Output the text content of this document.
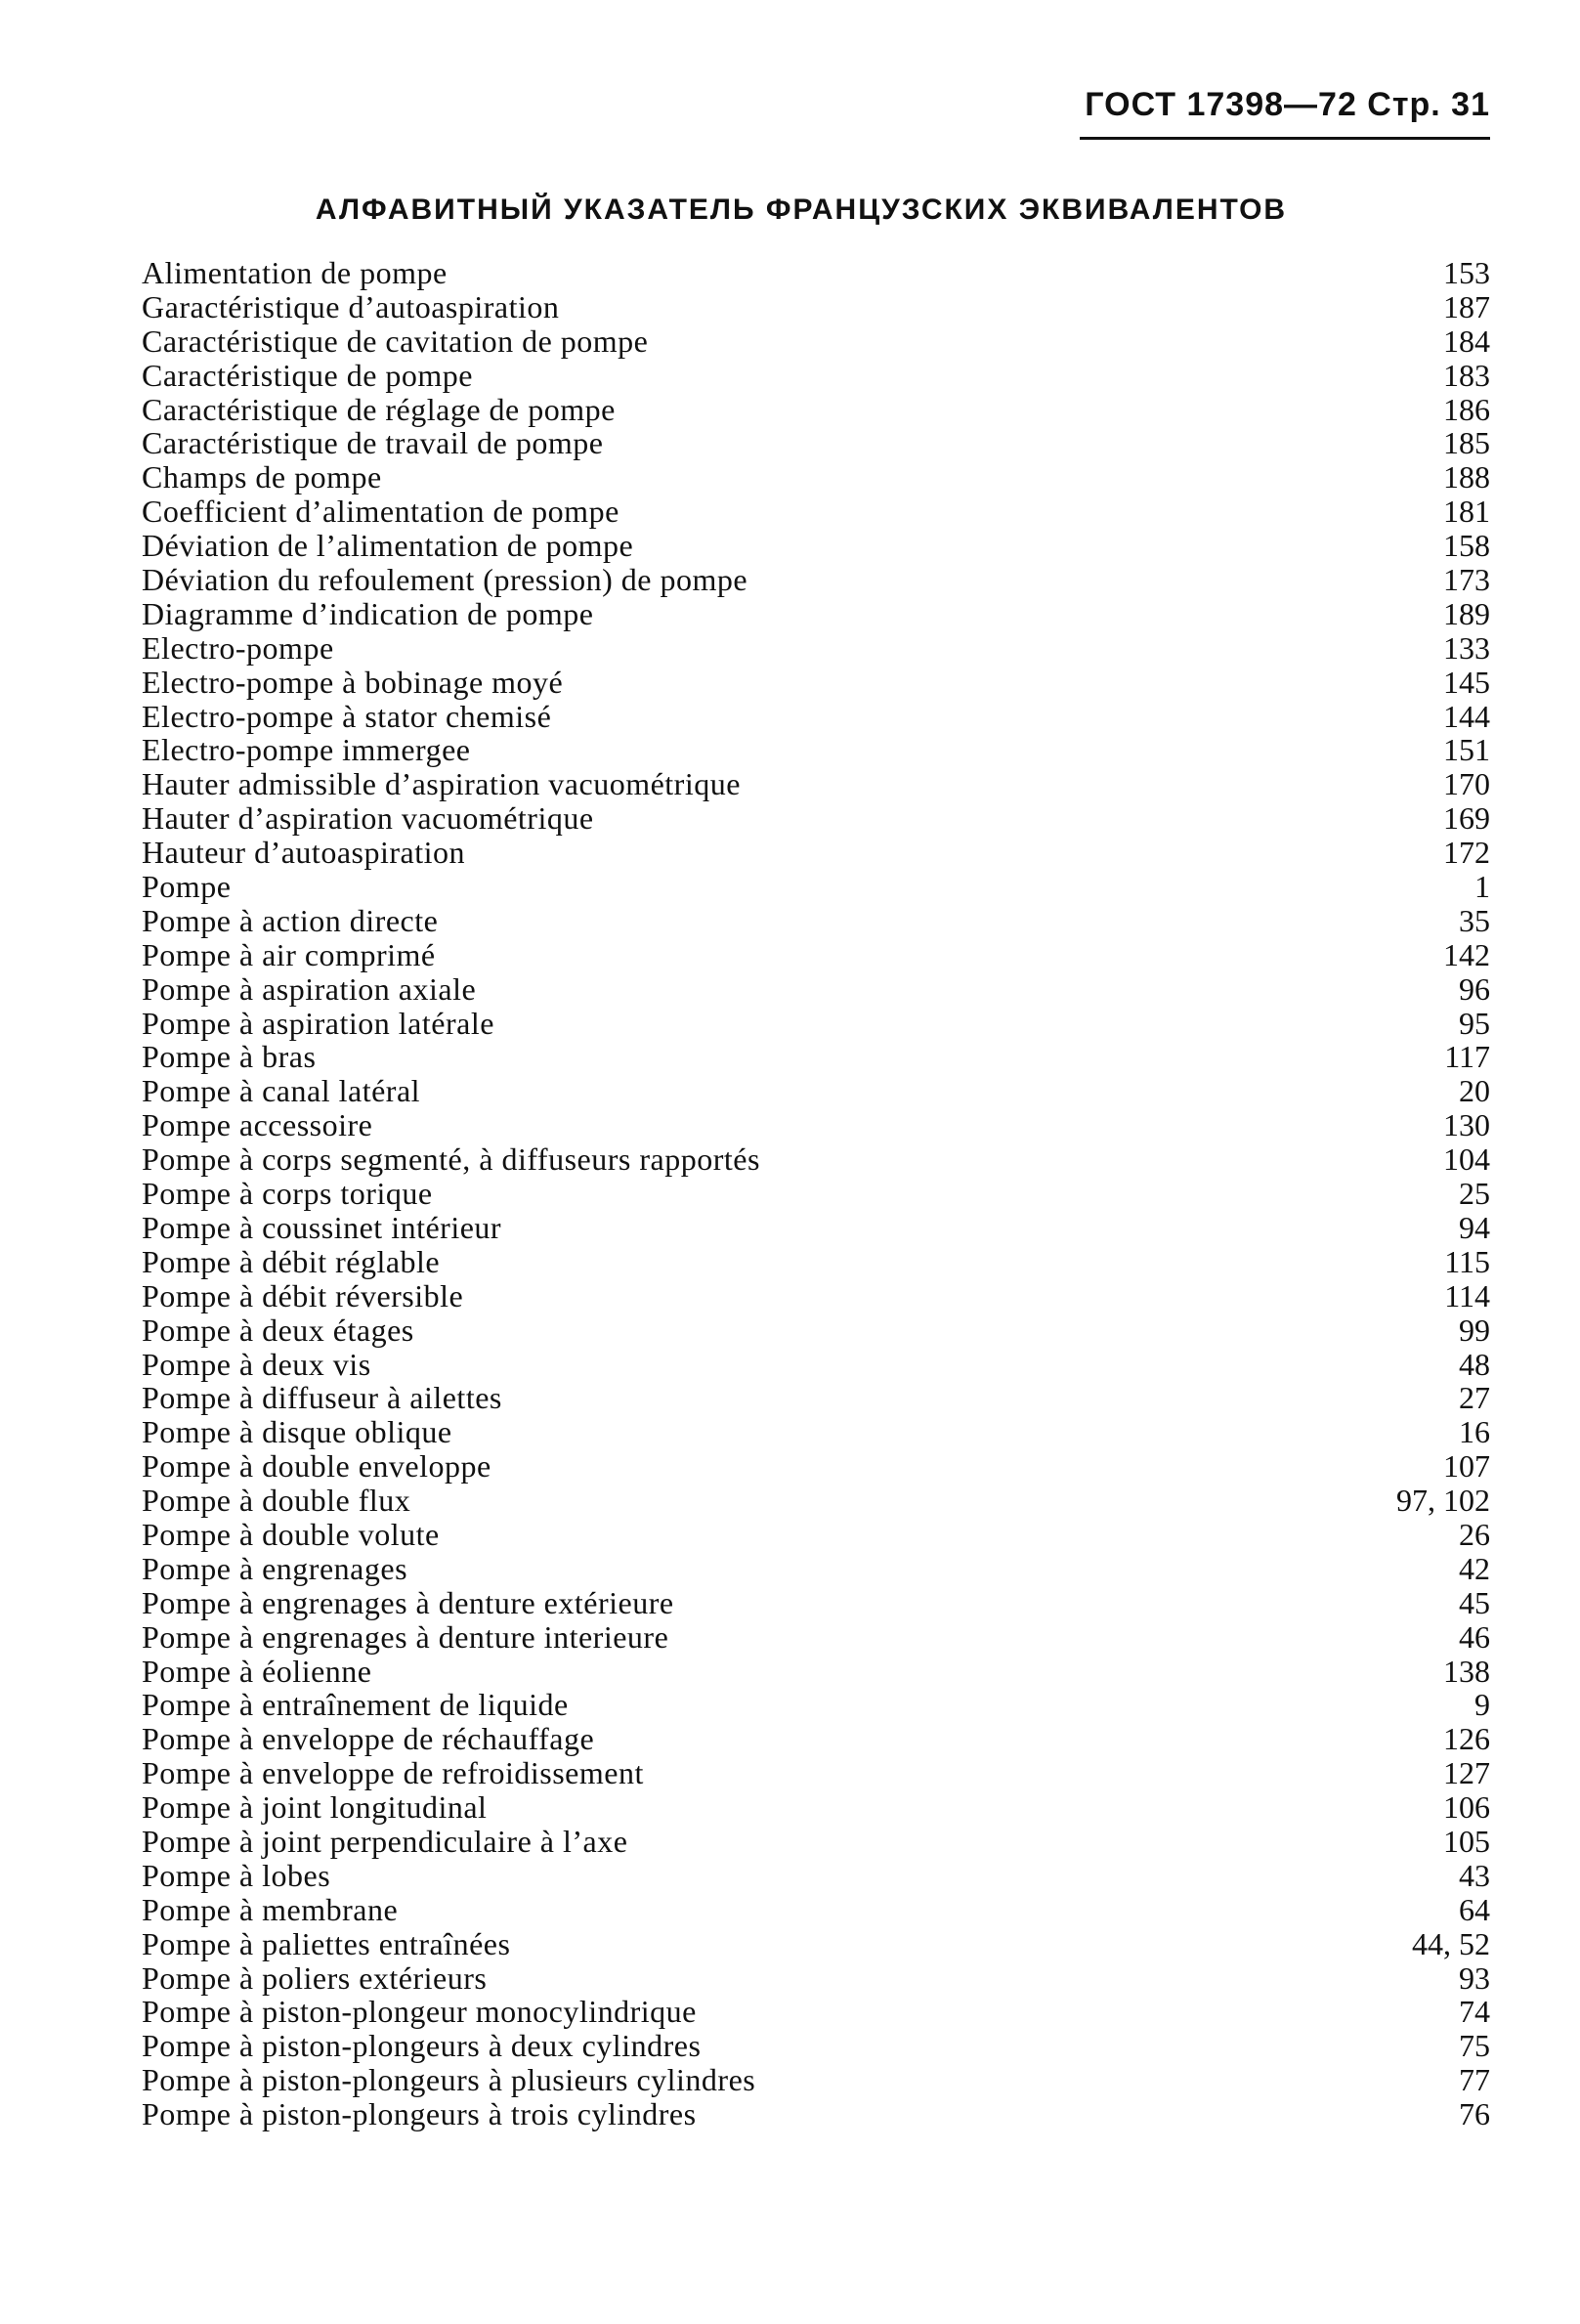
ГОСТ 17398—72 Стр. 31
АЛФАВИТНЫЙ УКАЗАТЕЛЬ ФРАНЦУЗСКИХ ЭКВИВАЛЕНТОВ
Alimentation de pompe	153
Garactéristique d’autoaspiration	187
Caractéristique de cavitation de pompe	184
Caractéristique de pompe	183
Caractéristique de réglage de pompe	186
Caractéristique de travail de pompe	185
Champs de pompe	188
Coefficient d’alimentation de pompe	181
Déviation de l’alimentation de pompe	158
Déviation du refoulement (pression) de pompe	173
Diagramme d’indication de pompe	189
Electro-pompe	133
Electro-pompe à bobinage moyé	145
Electro-pompe à stator chemisé	144
Electro-pompe immergee	151
Hauter admissible d’aspiration vacuométrique	170
Hauter d’aspiration vacuométrique	169
Hauteur d’autoaspiration	172
Pompe	1
Pompe à action directe	35
Pompe à air comprimé	142
Pompe à aspiration axiale	96
Pompe à aspiration latérale	95
Pompe à bras	117
Pompe à canal latéral	20
Pompe accessoire	130
Pompe à corps segmenté, à diffuseurs rapportés	104
Pompe à corps torique	25
Pompe à coussinet intérieur	94
Pompe à débit réglable	115
Pompe à débit réversible	114
Pompe à deux étages	99
Pompe à deux vis	48
Pompe à diffuseur à ailettes	27
Pompe à disque oblique	16
Pompe à double enveloppe	107
Pompe à double flux	97, 102
Pompe à double volute	26
Pompe à engrenages	42
Pompe à engrenages à denture extérieure	45
Pompe à engrenages à denture interieure	46
Pompe à éolienne	138
Pompe à entraînement de liquide	9
Pompe à enveloppe de réchauffage	126
Pompe à enveloppe de refroidissement	127
Pompe à joint longitudinal	106
Pompe à joint perpendiculaire à l’axe	105
Pompe à lobes	43
Pompe à membrane	64
Pompe à paliettes entraînées	44, 52
Pompe à poliers extérieurs	93
Pompe à piston-plongeur monocylindrique	74
Pompe à piston-plongeurs à deux cylindres	75
Pompe à piston-plongeurs à plusieurs cylindres	77
Pompe à piston-plongeurs à trois cylindres	76
